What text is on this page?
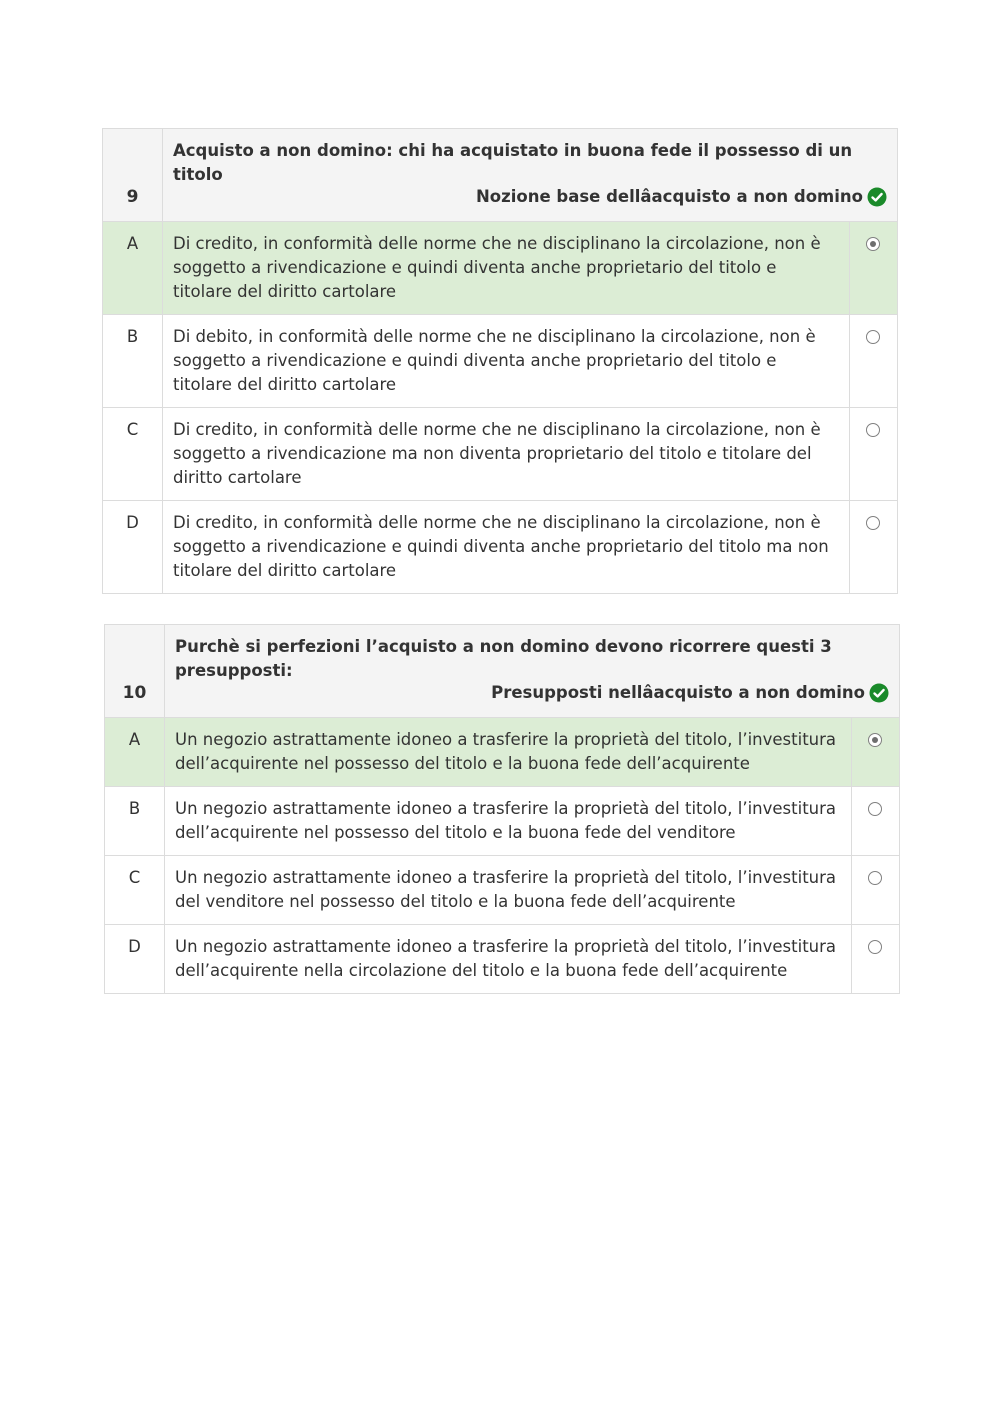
9	Acquisto a non domino: chi ha acquistato in buona fede il possesso di un titolo
Nozione base dellâacquisto a non domino	

A	Di credito, in conformità delle norme che ne disciplinano la circolazione, non è soggetto a rivendicazione e quindi diventa anche proprietario del titolo e titolare del diritto cartolare	
B	Di debito, in conformità delle norme che ne disciplinano la circolazione, non è soggetto a rivendicazione e quindi diventa anche proprietario del titolo e titolare del diritto cartolare	
C	Di credito, in conformità delle norme che ne disciplinano la circolazione, non è soggetto a rivendicazione ma non diventa proprietario del titolo e titolare del diritto cartolare	
D	Di credito, in conformità delle norme che ne disciplinano la circolazione, non è soggetto a rivendicazione e quindi diventa anche proprietario del titolo ma non titolare del diritto cartolare	
10	Purchè si perfezioni l’acquisto a non domino devono ricorrere questi 3 presupposti:
Presupposti nellâacquisto a non domino	

A	Un negozio astrattamente idoneo a trasferire la proprietà del titolo, l’investitura dell’acquirente nel possesso del titolo e la buona fede dell’acquirente	
B	Un negozio astrattamente idoneo a trasferire la proprietà del titolo, l’investitura dell’acquirente nel possesso del titolo e la buona fede del venditore	
C	Un negozio astrattamente idoneo a trasferire la proprietà del titolo, l’investitura del venditore nel possesso del titolo e la buona fede dell’acquirente	
D	Un negozio astrattamente idoneo a trasferire la proprietà del titolo, l’investitura dell’acquirente nella circolazione del titolo e la buona fede dell’acquirente	
